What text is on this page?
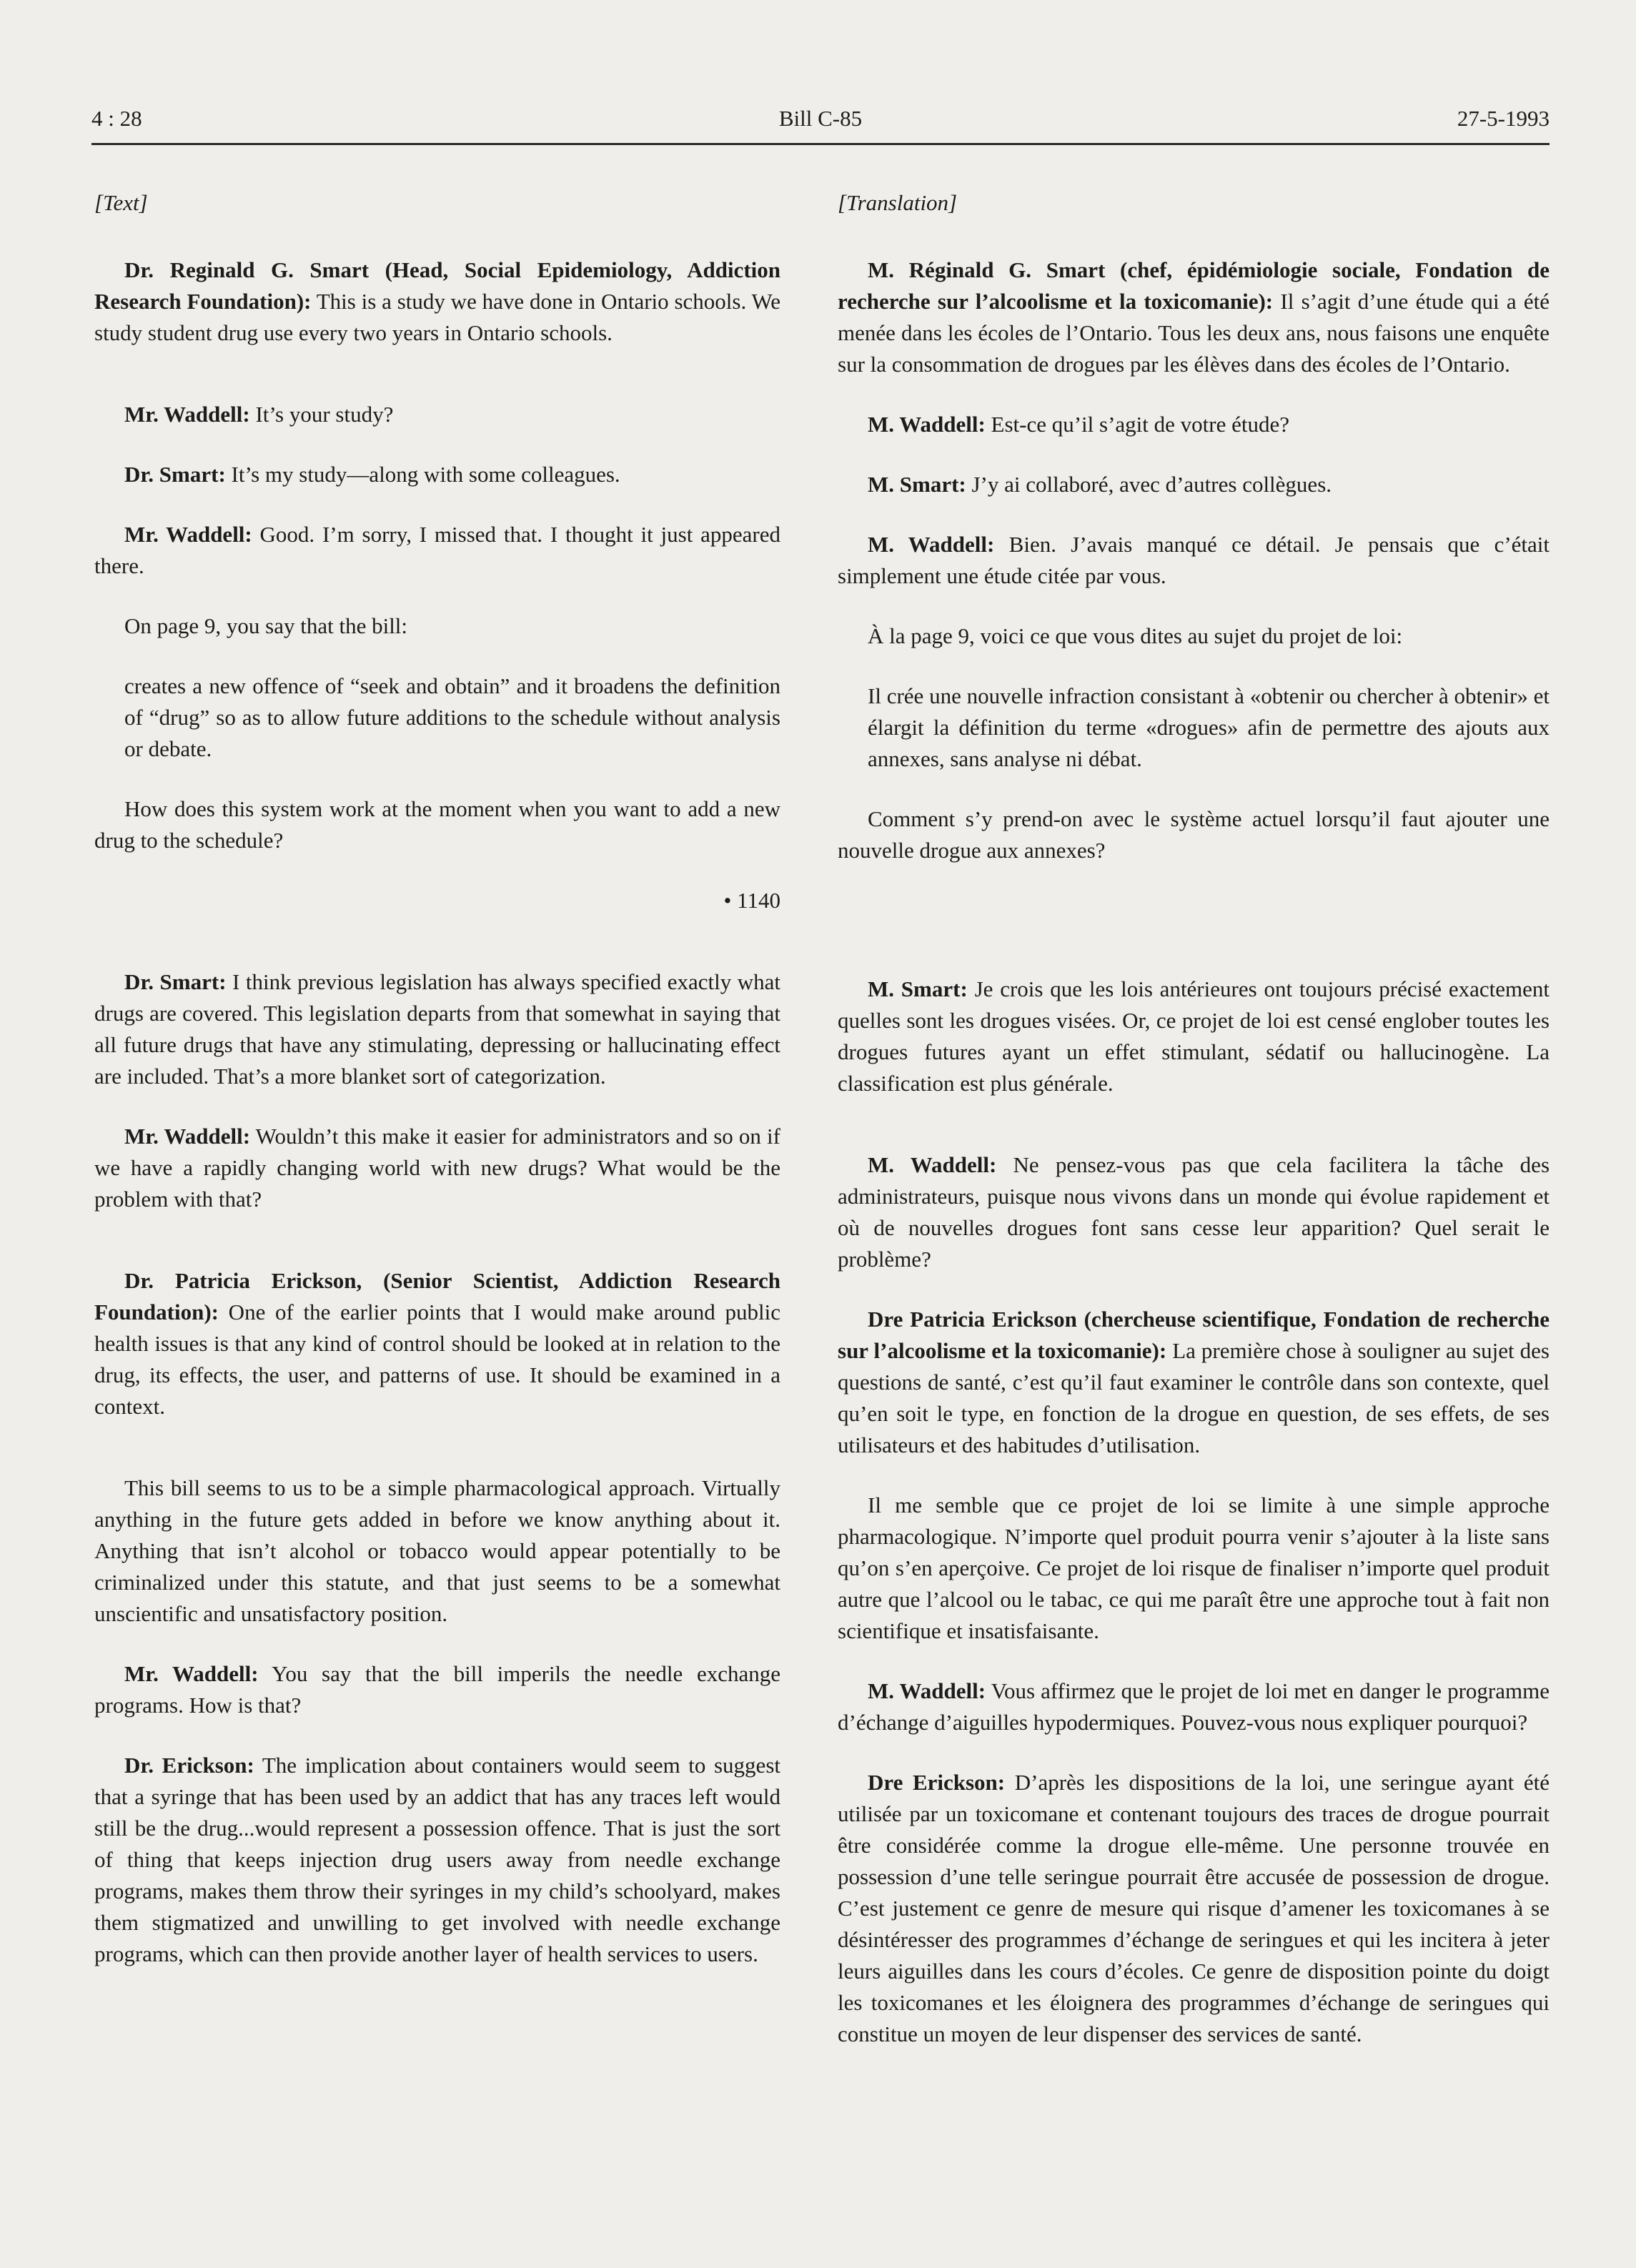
4 : 28	Bill C-85	27-5-1993

[Text]

Dr. Reginald G. Smart (Head, Social Epidemiology, Addiction Research Foundation): This is a study we have done in Ontario schools. We study student drug use every two years in Ontario schools.

Mr. Waddell: It’s your study?

Dr. Smart: It’s my study—along with some colleagues.

Mr. Waddell: Good. I’m sorry, I missed that. I thought it just appeared there.

On page 9, you say that the bill:

creates a new offence of “seek and obtain” and it broadens the definition of “drug” so as to allow future additions to the schedule without analysis or debate.

How does this system work at the moment when you want to add a new drug to the schedule?

• 1140

Dr. Smart: I think previous legislation has always specified exactly what drugs are covered. This legislation departs from that somewhat in saying that all future drugs that have any stimulating, depressing or hallucinating effect are included. That’s a more blanket sort of categorization.

Mr. Waddell: Wouldn’t this make it easier for administrators and so on if we have a rapidly changing world with new drugs? What would be the problem with that?

Dr. Patricia Erickson, (Senior Scientist, Addiction Research Foundation): One of the earlier points that I would make around public health issues is that any kind of control should be looked at in relation to the drug, its effects, the user, and patterns of use. It should be examined in a context.

This bill seems to us to be a simple pharmacological approach. Virtually anything in the future gets added in before we know anything about it. Anything that isn’t alcohol or tobacco would appear potentially to be criminalized under this statute, and that just seems to be a somewhat unscientific and unsatisfactory position.

Mr. Waddell: You say that the bill imperils the needle exchange programs. How is that?

Dr. Erickson: The implication about containers would seem to suggest that a syringe that has been used by an addict that has any traces left would still be the drug...would represent a possession offence. That is just the sort of thing that keeps injection drug users away from needle exchange programs, makes them throw their syringes in my child’s schoolyard, makes them stigmatized and unwilling to get involved with needle exchange programs, which can then provide another layer of health services to users.

[Translation]

M. Réginald G. Smart (chef, épidémiologie sociale, Fondation de recherche sur l’alcoolisme et la toxicomanie): Il s’agit d’une étude qui a été menée dans les écoles de l’Ontario. Tous les deux ans, nous faisons une enquête sur la consommation de drogues par les élèves dans des écoles de l’Ontario.

M. Waddell: Est-ce qu’il s’agit de votre étude?

M. Smart: J’y ai collaboré, avec d’autres collègues.

M. Waddell: Bien. J’avais manqué ce détail. Je pensais que c’était simplement une étude citée par vous.

À la page 9, voici ce que vous dites au sujet du projet de loi:

Il crée une nouvelle infraction consistant à «obtenir ou chercher à obtenir» et élargit la définition du terme «drogues» afin de permettre des ajouts aux annexes, sans analyse ni débat.

Comment s’y prend-on avec le système actuel lorsqu’il faut ajouter une nouvelle drogue aux annexes?

M. Smart: Je crois que les lois antérieures ont toujours précisé exactement quelles sont les drogues visées. Or, ce projet de loi est censé englober toutes les drogues futures ayant un effet stimulant, sédatif ou hallucinogène. La classification est plus générale.

M. Waddell: Ne pensez-vous pas que cela facilitera la tâche des administrateurs, puisque nous vivons dans un monde qui évolue rapidement et où de nouvelles drogues font sans cesse leur apparition? Quel serait le problème?

Dre Patricia Erickson (chercheuse scientifique, Fondation de recherche sur l’alcoolisme et la toxicomanie): La première chose à souligner au sujet des questions de santé, c’est qu’il faut examiner le contrôle dans son contexte, quel qu’en soit le type, en fonction de la drogue en question, de ses effets, de ses utilisateurs et des habitudes d’utilisation.

Il me semble que ce projet de loi se limite à une simple approche pharmacologique. N’importe quel produit pourra venir s’ajouter à la liste sans qu’on s’en aperçoive. Ce projet de loi risque de finaliser n’importe quel produit autre que l’alcool ou le tabac, ce qui me paraît être une approche tout à fait non scientifique et insatisfaisante.

M. Waddell: Vous affirmez que le projet de loi met en danger le programme d’échange d’aiguilles hypodermiques. Pouvez-vous nous expliquer pourquoi?

Dre Erickson: D’après les dispositions de la loi, une seringue ayant été utilisée par un toxicomane et contenant toujours des traces de drogue pourrait être considérée comme la drogue elle-même. Une personne trouvée en possession d’une telle seringue pourrait être accusée de possession de drogue. C’est justement ce genre de mesure qui risque d’amener les toxicomanes à se désintéresser des programmes d’échange de seringues et qui les incitera à jeter leurs aiguilles dans les cours d’écoles. Ce genre de disposition pointe du doigt les toxicomanes et les éloignera des programmes d’échange de seringues qui constitue un moyen de leur dispenser des services de santé.
